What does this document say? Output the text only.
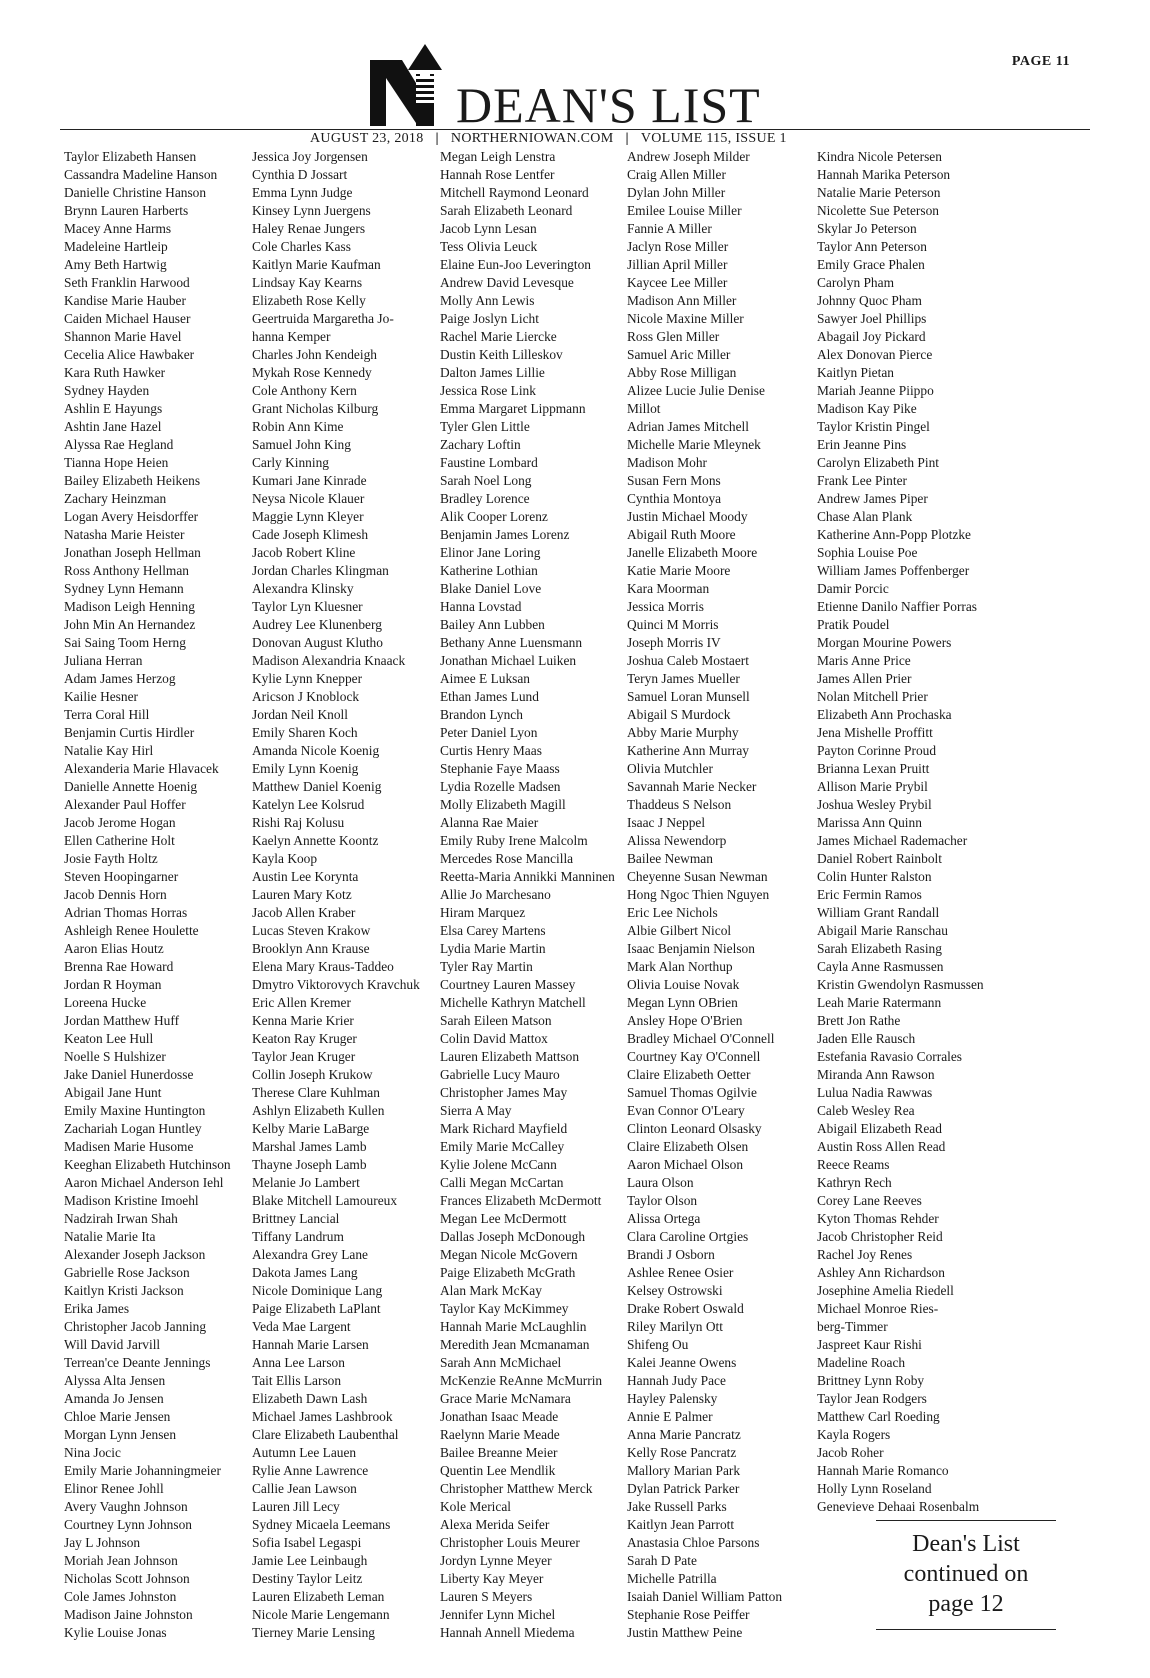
PAGE 11
DEAN'S LIST
AUGUST 23, 2018 | NORTHERNIOWAN.COM | VOLUME 115, ISSUE 1
Taylor Elizabeth Hansen
Cassandra Madeline Hanson
Danielle Christine Hanson
Brynn Lauren Harberts
Macey Anne Harms
Madeleine Hartleip
Amy Beth Hartwig
Seth Franklin Harwood
Kandise Marie Hauber
Caiden Michael Hauser
Shannon Marie Havel
Cecelia Alice Hawbaker
Kara Ruth Hawker
Sydney Hayden
Ashlin E Hayungs
Ashtin Jane Hazel
Alyssa Rae Hegland
Tianna Hope Heien
Bailey Elizabeth Heikens
Zachary Heinzman
Logan Avery Heisdorffer
Natasha Marie Heister
Jonathan Joseph Hellman
Ross Anthony Hellman
Sydney Lynn Hemann
Madison Leigh Henning
John Min An Hernandez
Sai Saing Toom Herng
Juliana Herran
Adam James Herzog
Kailie Hesner
Terra Coral Hill
Benjamin Curtis Hirdler
Natalie Kay Hirl
Alexanderia Marie Hlavacek
Danielle Annette Hoenig
Alexander Paul Hoffer
Jacob Jerome Hogan
Ellen Catherine Holt
Josie Fayth Holtz
Steven Hoopingarner
Jacob Dennis Horn
Adrian Thomas Horras
Ashleigh Renee Houlette
Aaron Elias Houtz
Brenna Rae Howard
Jordan R Hoyman
Loreena Hucke
Jordan Matthew Huff
Keaton Lee Hull
Noelle S Hulshizer
Jake Daniel Hunerdosse
Abigail Jane Hunt
Emily Maxine Huntington
Zachariah Logan Huntley
Madisen Marie Husome
Keeghan Elizabeth Hutchinson
Aaron Michael Anderson Iehl
Madison Kristine Imoehl
Nadzirah Irwan Shah
Natalie Marie Ita
Alexander Joseph Jackson
Gabrielle Rose Jackson
Kaitlyn Kristi Jackson
Erika James
Christopher Jacob Janning
Will David Jarvill
Terrean'ce Deante Jennings
Alyssa Alta Jensen
Amanda Jo Jensen
Chloe Marie Jensen
Morgan Lynn Jensen
Nina Jocic
Emily Marie Johanningmeier
Elinor Renee Johll
Avery Vaughn Johnson
Courtney Lynn Johnson
Jay L Johnson
Moriah Jean Johnson
Nicholas Scott Johnson
Cole James Johnston
Madison Jaine Johnston
Kylie Louise Jonas
Jessica Joy Jorgensen
Cynthia D Jossart
Emma Lynn Judge
Kinsey Lynn Juergens
Haley Renae Jungers
Cole Charles Kass
Kaitlyn Marie Kaufman
Lindsay Kay Kearns
Elizabeth Rose Kelly
Geertruida Margaretha Jo-
hanna Kemper
Charles John Kendeigh
Mykah Rose Kennedy
Cole Anthony Kern
Grant Nicholas Kilburg
Robin Ann Kime
Samuel John King
Carly Kinning
Kumari Jane Kinrade
Neysa Nicole Klauer
Maggie Lynn Kleyer
Cade Joseph Klimesh
Jacob Robert Kline
Jordan Charles Klingman
Alexandra Klinsky
Taylor Lyn Kluesner
Audrey Lee Klunenberg
Donovan August Klutho
Madison Alexandria Knaack
Kylie Lynn Knepper
Aricson J Knoblock
Jordan Neil Knoll
Emily Sharen Koch
Amanda Nicole Koenig
Emily Lynn Koenig
Matthew Daniel Koenig
Katelyn Lee Kolsrud
Rishi Raj Kolusu
Kaelyn Annette Koontz
Kayla Koop
Austin Lee Korynta
Lauren Mary Kotz
Jacob Allen Kraber
Lucas Steven Krakow
Brooklyn Ann Krause
Elena Mary Kraus-Taddeo
Dmytro Viktorovych Kravchuk
Eric Allen Kremer
Kenna Marie Krier
Keaton Ray Kruger
Taylor Jean Kruger
Collin Joseph Krukow
Therese Clare Kuhlman
Ashlyn Elizabeth Kullen
Kelby Marie LaBarge
Marshal James Lamb
Thayne Joseph Lamb
Melanie Jo Lambert
Blake Mitchell Lamoureux
Brittney Lancial
Tiffany Landrum
Alexandra Grey Lane
Dakota James Lang
Nicole Dominique Lang
Paige Elizabeth LaPlant
Veda Mae Largent
Hannah Marie Larsen
Anna Lee Larson
Tait Ellis Larson
Elizabeth Dawn Lash
Michael James Lashbrook
Clare Elizabeth Laubenthal
Autumn Lee Lauen
Rylie Anne Lawrence
Callie Jean Lawson
Lauren Jill Lecy
Sydney Micaela Leemans
Sofia Isabel Legaspi
Jamie Lee Leinbaugh
Destiny Taylor Leitz
Lauren Elizabeth Leman
Nicole Marie Lengemann
Tierney Marie Lensing
Megan Leigh Lenstra
Hannah Rose Lentfer
Mitchell Raymond Leonard
Sarah Elizabeth Leonard
Jacob Lynn Lesan
Tess Olivia Leuck
Elaine Eun-Joo Leverington
Andrew David Levesque
Molly Ann Lewis
Paige Joslyn Licht
Rachel Marie Liercke
Dustin Keith Lilleskov
Dalton James Lillie
Jessica Rose Link
Emma Margaret Lippmann
Tyler Glen Little
Zachary Loftin
Faustine Lombard
Sarah Noel Long
Bradley Lorence
Alik Cooper Lorenz
Benjamin James Lorenz
Elinor Jane Loring
Katherine Lothian
Blake Daniel Love
Hanna Lovstad
Bailey Ann Lubben
Bethany Anne Luensmann
Jonathan Michael Luiken
Aimee E Luksan
Ethan James Lund
Brandon Lynch
Peter Daniel Lyon
Curtis Henry Maas
Stephanie Faye Maass
Lydia Rozelle Madsen
Molly Elizabeth Magill
Alanna Rae Maier
Emily Ruby Irene Malcolm
Mercedes Rose Mancilla
Reetta-Maria Annikki Manninen
Allie Jo Marchesano
Hiram Marquez
Elsa Carey Martens
Lydia Marie Martin
Tyler Ray Martin
Courtney Lauren Massey
Michelle Kathryn Matchell
Sarah Eileen Matson
Colin David Mattox
Lauren Elizabeth Mattson
Gabrielle Lucy Mauro
Christopher James May
Sierra A May
Mark Richard Mayfield
Emily Marie McCalley
Kylie Jolene McCann
Calli Megan McCartan
Frances Elizabeth McDermott
Megan Lee McDermott
Dallas Joseph McDonough
Megan Nicole McGovern
Paige Elizabeth McGrath
Alan Mark McKay
Taylor Kay McKimmey
Hannah Marie McLaughlin
Meredith Jean Mcmanaman
Sarah Ann McMichael
McKenzie ReAnne McMurrin
Grace Marie McNamara
Jonathan Isaac Meade
Raelynn Marie Meade
Bailee Breanne Meier
Quentin Lee Mendlik
Christopher Matthew Merck
Kole Merical
Alexa Merida Seifer
Christopher Louis Meurer
Jordyn Lynne Meyer
Liberty Kay Meyer
Lauren S Meyers
Jennifer Lynn Michel
Hannah Annell Miedema
Andrew Joseph Milder
Craig Allen Miller
Dylan John Miller
Emilee Louise Miller
Fannie A Miller
Jaclyn Rose Miller
Jillian April Miller
Kaycee Lee Miller
Madison Ann Miller
Nicole Maxine Miller
Ross Glen Miller
Samuel Aric Miller
Abby Rose Milligan
Alizee Lucie Julie Denise
Millot
Adrian James Mitchell
Michelle Marie Mleynek
Madison Mohr
Susan Fern Mons
Cynthia Montoya
Justin Michael Moody
Abigail Ruth Moore
Janelle Elizabeth Moore
Katie Marie Moore
Kara Moorman
Jessica Morris
Quinci M Morris
Joseph Morris IV
Joshua Caleb Mostaert
Teryn James Mueller
Samuel Loran Munsell
Abigail S Murdock
Abby Marie Murphy
Katherine Ann Murray
Olivia Mutchler
Savannah Marie Necker
Thaddeus S Nelson
Isaac J Neppel
Alissa Newendorp
Bailee Newman
Cheyenne Susan Newman
Hong Ngoc Thien Nguyen
Eric Lee Nichols
Albie Gilbert Nicol
Isaac Benjamin Nielson
Mark Alan Northup
Olivia Louise Novak
Megan Lynn OBrien
Ansley Hope O'Brien
Bradley Michael O'Connell
Courtney Kay O'Connell
Claire Elizabeth Oetter
Samuel Thomas Ogilvie
Evan Connor O'Leary
Clinton Leonard Olsasky
Claire Elizabeth Olsen
Aaron Michael Olson
Laura Olson
Taylor Olson
Alissa Ortega
Clara Caroline Ortgies
Brandi J Osborn
Ashlee Renee Osier
Kelsey Ostrowski
Drake Robert Oswald
Riley Marilyn Ott
Shifeng Ou
Kalei Jeanne Owens
Hannah Judy Pace
Hayley Palensky
Annie E Palmer
Anna Marie Pancratz
Kelly Rose Pancratz
Mallory Marian Park
Dylan Patrick Parker
Jake Russell Parks
Kaitlyn Jean Parrott
Anastasia Chloe Parsons
Sarah D Pate
Michelle Patrilla
Isaiah Daniel William Patton
Stephanie Rose Peiffer
Justin Matthew Peine
Kindra Nicole Petersen
Hannah Marika Peterson
Natalie Marie Peterson
Nicolette Sue Peterson
Skylar Jo Peterson
Taylor Ann Peterson
Emily Grace Phalen
Carolyn Pham
Johnny Quoc Pham
Sawyer Joel Phillips
Abagail Joy Pickard
Alex Donovan Pierce
Kaitlyn Pietan
Mariah Jeanne Piippo
Madison Kay Pike
Taylor Kristin Pingel
Erin Jeanne Pins
Carolyn Elizabeth Pint
Frank Lee Pinter
Andrew James Piper
Chase Alan Plank
Katherine Ann-Popp Plotzke
Sophia Louise Poe
William James Poffenberger
Damir Porcic
Etienne Danilo Naffier Porras
Pratik Poudel
Morgan Mourine Powers
Maris Anne Price
James Allen Prier
Nolan Mitchell Prier
Elizabeth Ann Prochaska
Jena Mishelle Proffitt
Payton Corinne Proud
Brianna Lexan Pruitt
Allison Marie Prybil
Joshua Wesley Prybil
Marissa Ann Quinn
James Michael Rademacher
Daniel Robert Rainbolt
Colin Hunter Ralston
Eric Fermin Ramos
William Grant Randall
Abigail Marie Ranschau
Sarah Elizabeth Rasing
Cayla Anne Rasmussen
Kristin Gwendolyn Rasmussen
Leah Marie Ratermann
Brett Jon Rathe
Jaden Elle Rausch
Estefania Ravasio Corrales
Miranda Ann Rawson
Lulua Nadia Rawwas
Caleb Wesley Rea
Abigail Elizabeth Read
Austin Ross Allen Read
Reece Reams
Kathryn Rech
Corey Lane Reeves
Kyton Thomas Rehder
Jacob Christopher Reid
Rachel Joy Renes
Ashley Ann Richardson
Josephine Amelia Riedell
Michael Monroe Ries-
berg-Timmer
Jaspreet Kaur Rishi
Madeline Roach
Brittney Lynn Roby
Taylor Jean Rodgers
Matthew Carl Roeding
Kayla Rogers
Jacob Roher
Hannah Marie Romanco
Holly Lynn Roseland
Genevieve Dehaai Rosenbalm
Dean's List
continued on
page 12
